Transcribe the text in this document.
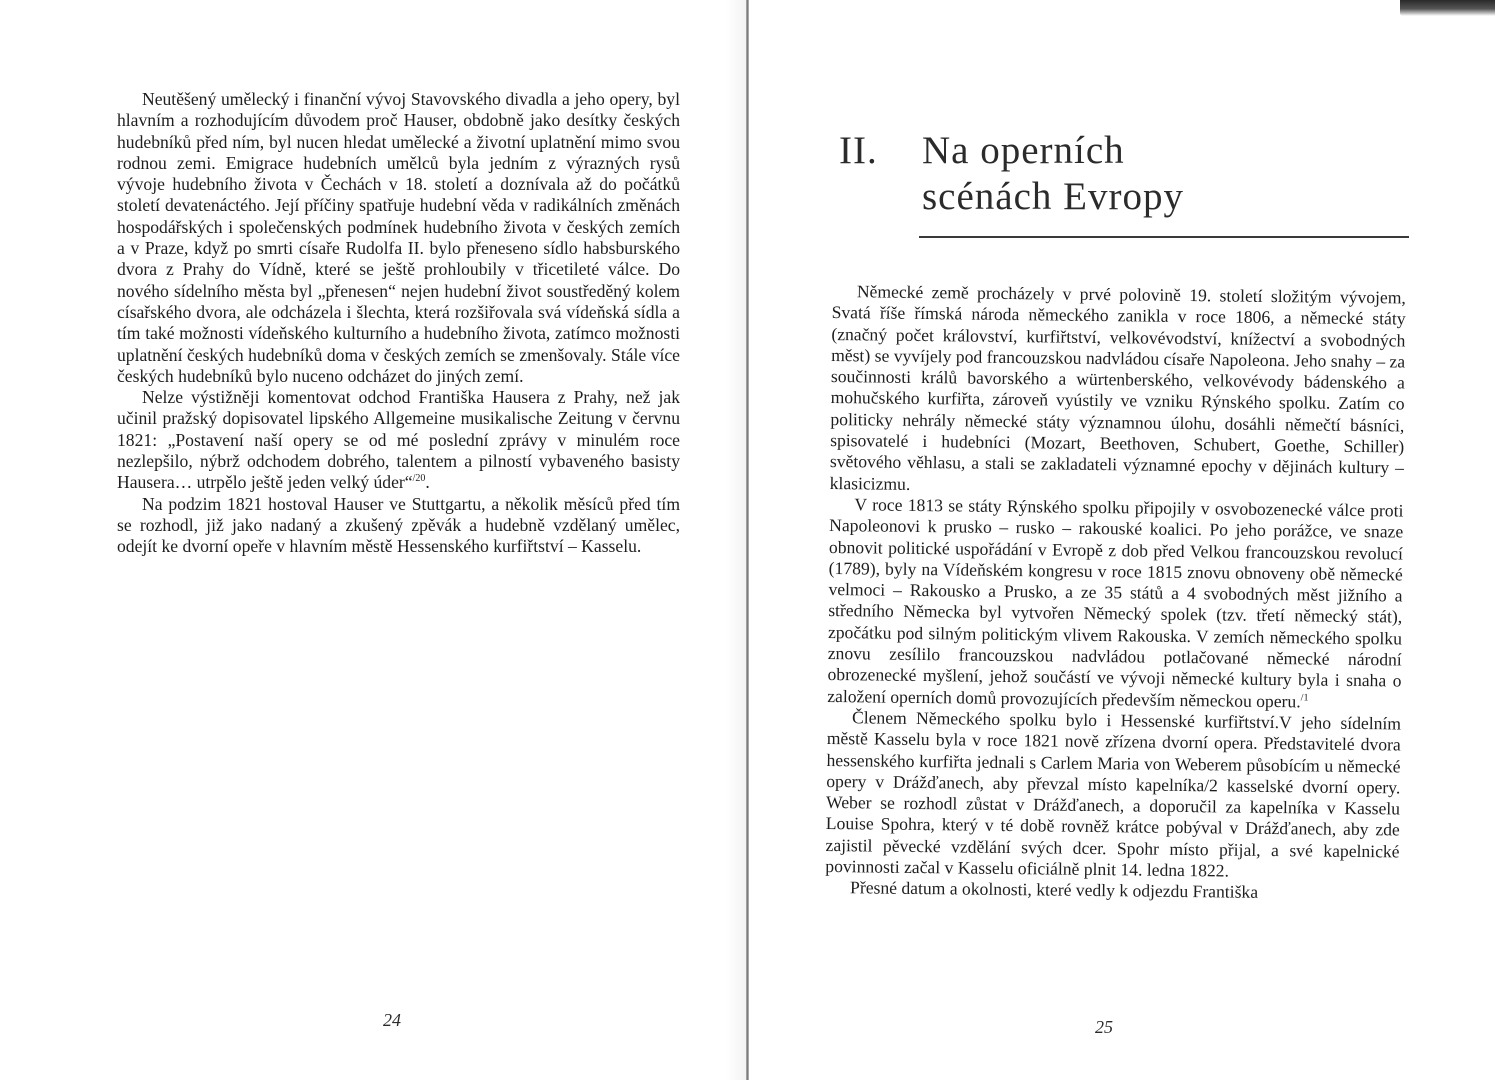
Neutěšený umělecký i finanční vývoj Stavovského divadla a jeho opery, byl hlavním a rozhodujícím důvodem proč Hauser, obdobně jako desítky českých hudebníků před ním, byl nucen hledat umělecké a životní uplatnění mimo svou rodnou zemi. Emigrace hudebních umělců byla jedním z výrazných rysů vývoje hudebního života v Čechách v 18. století a doznívala až do počátků století devatenáctého. Její příčiny spatřuje hudební věda v radikálních změnách hospodářských i společenských podmínek hudebního života v českých zemích a v Praze, když po smrti císaře Rudolfa II. bylo přeneseno sídlo habsburského dvora z Prahy do Vídně, které se ještě prohloubily v třicetileté válce. Do nového sídelního města byl „přenesen“ nejen hudební život soustředěný kolem císařského dvora, ale odcházela i šlechta, která rozšiřovala svá vídeňská sídla a tím také možnosti vídeňského kulturního a hudebního života, zatímco možnosti uplatnění českých hudebníků doma v českých zemích se zmenšovaly. Stále více českých hudebníků bylo nuceno odcházet do jiných zemí.

Nelze výstižněji komentovat odchod Františka Hausera z Prahy, než jak učinil pražský dopisovatel lipského Allgemeine musikalische Zeitung v červnu 1821: „Postavení naší opery se od mé poslední zprávy v minulém roce nezlepšilo, nýbrž odchodem dobrého, talentem a pilností vybaveného basisty Hausera… utrpělo ještě jeden velký úder“$^{/20}$.

Na podzim 1821 hostoval Hauser ve Stuttgartu, a několik měsíců před tím se rozhodl, již jako nadaný a zkušený zpěvák a hudebně vzdělaný umělec, odejít ke dvorní opeře v hlavním městě Hessenského kurfiřtství – Kasselu.

24
II. Na operních
scénách Evropy

Německé země procházely v prvé polovině 19. století složitým vývojem, Svatá říše římská národa německého zanikla v roce 1806, a německé státy (značný počet království, kurfiřtství, velkovévodství, knížectví a svobodných měst) se vyvíjely pod francouzskou nadvládou císaře Napoleona. Jeho snahy – za součinnosti králů bavorského a würtenberského, velkovévody bádenského a mohučského kurfiřta, zároveň vyústily ve vzniku Rýnského spolku. Zatím co politicky nehrály německé státy významnou úlohu, dosáhli němečtí básníci, spisovatelé i hudebníci (Mozart, Beethoven, Schubert, Goethe, Schiller) světového věhlasu, a stali se zakladateli významné epochy v dějinách kultury – klasicizmu.

V roce 1813 se státy Rýnského spolku připojily v osvobozenecké válce proti Napoleonovi k prusko – rusko – rakouské koalici. Po jeho porážce, ve snaze obnovit politické uspořádání v Evropě z dob před Velkou francouzskou revolucí (1789), byly na Vídeňském kongresu v roce 1815 znovu obnoveny obě německé velmoci – Rakousko a Prusko, a ze 35 států a 4 svobodných měst jižního a středního Německa byl vytvořen Německý spolek (tzv. třetí německý stát), zpočátku pod silným politickým vlivem Rakouska. V zemích německého spolku znovu zesílilo francouzskou nadvládou potlačované německé národní obrozenecké myšlení, jehož součástí ve vývoji německé kultury byla i snaha o založení operních domů provozujících především německou operu.$^{/1}$

Členem Německého spolku bylo i Hessenské kurfiřtství.V jeho sídelním městě Kasselu byla v roce 1821 nově zřízena dvorní opera. Představitelé dvora hessenského kurfiřta jednali s Carlem Maria von Weberem působícím u německé opery v Drážďanech, aby převzal místo kapelníka/2 kasselské dvorní opery. Weber se rozhodl zůstat v Drážďanech, a doporučil za kapelníka v Kasselu Louise Spohra, který v té době rovněž krátce pobýval v Drážďanech, aby zde zajistil pěvecké vzdělání svých dcer. Spohr místo přijal, a své kapelnické povinnosti začal v Kasselu oficiálně plnit 14. ledna 1822.

Přesné datum a okolnosti, které vedly k odjezdu Františka

25
